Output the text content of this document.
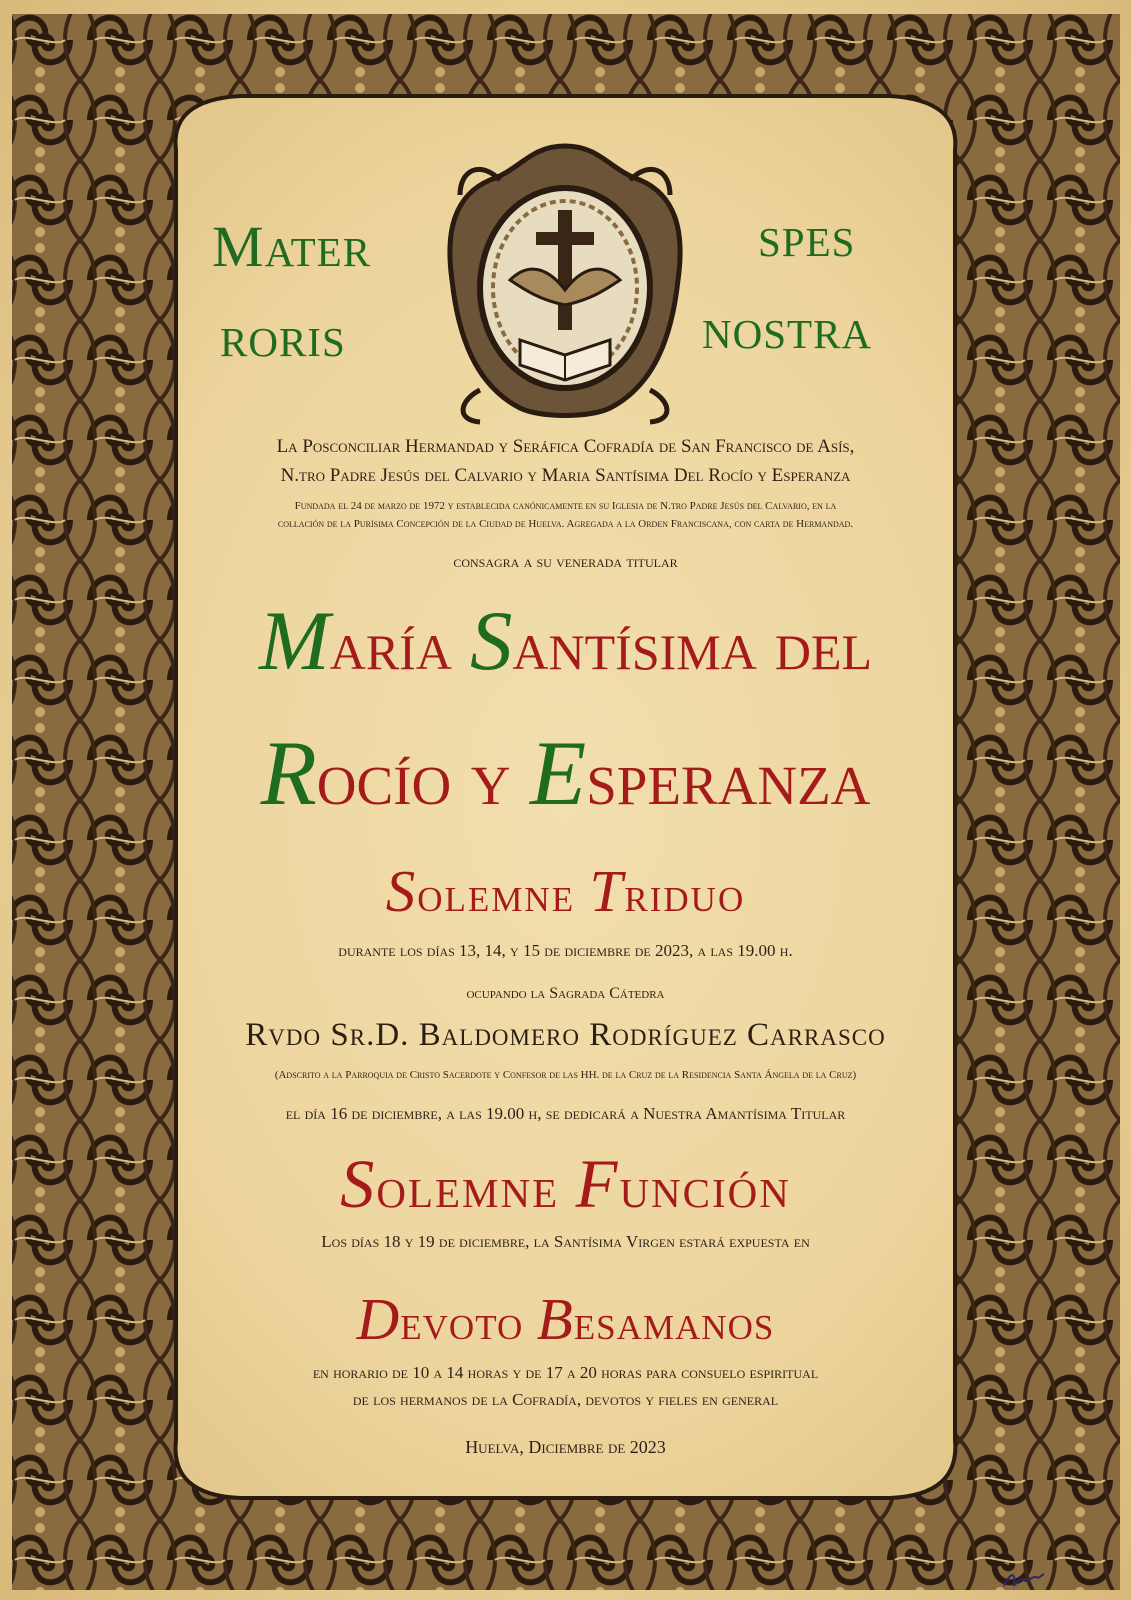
Mater
roris
spes
nostra
La Posconciliar Hermandad y Seráfica Cofradía de San Francisco de Asís,
N.tro Padre Jesús del Calvario y Maria Santísima Del Rocío y Esperanza
Fundada el 24 de marzo de 1972 y establecida canónicamente en su Iglesia de N.tro Padre Jesús del Calvario, en la
collación de la Purísima Concepción de la Ciudad de Huelva. Agregada a la Orden Franciscana, con carta de Hermandad.
consagra a su venerada titular
María Santísima del
Rocío y Esperanza
Solemne Triduo
durante los días 13, 14, y 15 de diciembre de 2023, a las 19.00 h.
ocupando la Sagrada Cátedra
Rvdo Sr.D. Baldomero Rodríguez Carrasco
(Adscrito a la Parroquia de Cristo Sacerdote y Confesor de las HH. de la Cruz de la Residencia Santa Ángela de la Cruz)
el día 16 de diciembre, a las 19.00 h, se dedicará a Nuestra Amantísima Titular
Solemne Función
Los días 18 y 19 de diciembre, la Santísima Virgen estará expuesta en
Devoto Besamanos
en horario de 10 a 14 horas y de 17 a 20 horas para consuelo espiritual
de los hermanos de la Cofradía, devotos y fieles en general
Huelva, Diciembre de 2023
